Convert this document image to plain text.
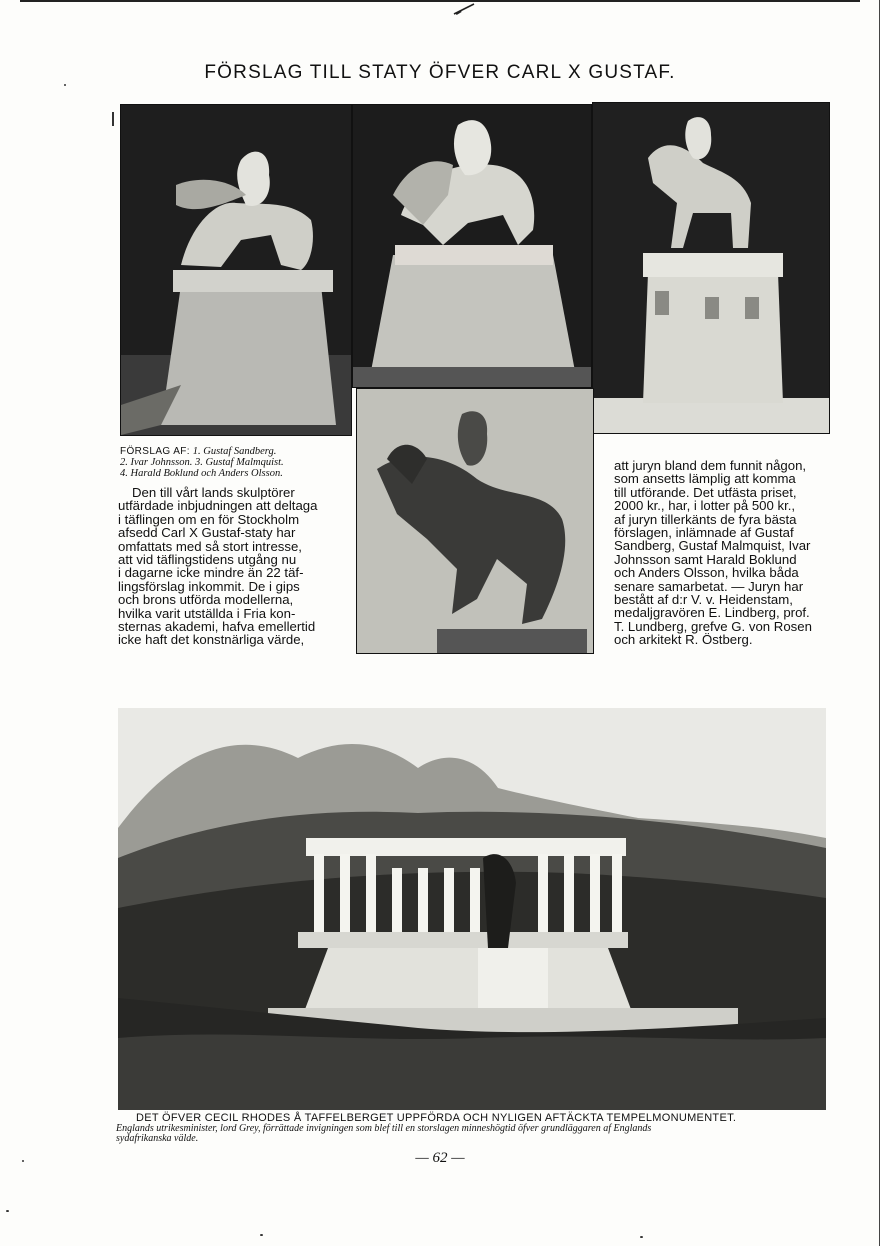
FÖRSLAG TILL STATY ÖFVER CARL X GUSTAF.
FÖRSLAG AF: 1. Gustaf Sandberg.
2. Ivar Johnsson. 3. Gustaf Malmquist.
4. Harald Boklund och Anders Olsson.
Den till vårt lands skulptörer
utfärdade inbjudningen att deltaga
i täflingen om en för Stockholm
afsedd Carl X Gustaf-staty har
omfattats med så stort intresse,
att vid täflingstidens utgång nu
i dagarne icke mindre än 22 täf-
lingsförslag inkommit. De i gips
och brons utförda modellerna,
hvilka varit utställda i Fria kon-
sternas akademi, hafva emellertid
icke haft det konstnärliga värde,
att juryn bland dem funnit någon,
som ansetts lämplig att komma
till utförande. Det utfästa priset,
2000 kr., har, i lotter på 500 kr.,
af juryn tillerkänts de fyra bästa
förslagen, inlämnade af Gustaf
Sandberg, Gustaf Malmquist, Ivar
Johnsson samt Harald Boklund
och Anders Olsson, hvilka båda
senare samarbetat. — Juryn har
bestått af d:r V. v. Heidenstam,
medaljgravören E. Lindberg, prof.
T. Lundberg, grefve G. von Rosen
och arkitekt R. Östberg.
DET ÖFVER CECIL RHODES Å TAFFELBERGET UPPFÖRDA OCH NYLIGEN AFTÄCKTA TEMPELMONUMENTET.
Englands utrikesminister, lord Grey, förrättade invigningen som blef till en storslagen minneshögtid öfver grundläggaren af Englands
sydafrikanska välde.
— 62 —
